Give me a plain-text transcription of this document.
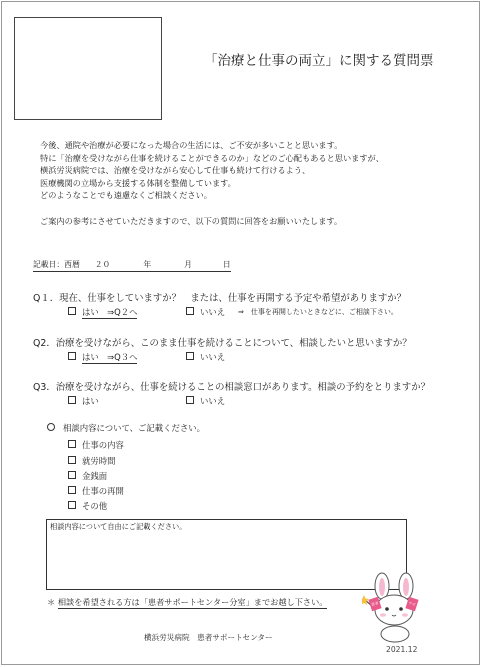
「治療と仕事の両立」に関する質問票
今後、通院や治療が必要になった場合の生活には、ご不安が多いことと思います。
特に「治療を受けながら仕事を続けることができるのか」などのご心配もあると思いますが、
横浜労災病院では、治療を受けながら安心して仕事も続けて行けるよう、
医療機関の立場から支援する体制を整備しています。
どのようなことでも遠慮なくご相談ください。
ご案内の参考にさせていただきますので、以下の質問に回答をお願いいたします。
記載日：西暦 ２０	年	月	日
Q１．現在、仕事をしていますか？　または、仕事を再開する予定や希望がありますか？
はい　⇒Q２へ	いいえ ⇒　仕事を再開したいときなどに、ご相談下さい。
Q2．治療を受けながら、このまま仕事を続けることについて、相談したいと思いますか？
はい　⇒Q３へ	いいえ
Q3．治療を受けながら、仕事を続けることの相談窓口があります。相談の予約をとりますか？
はい	いいえ
相談内容について、ご記載ください。
仕事の内容
就労時間
金銭面
仕事の再開
その他
相談内容について自由にご記載ください。
＊ 相談を希望される方は「患者サポートセンター分室」までお越し下さい。	患者	サポ
横浜労災病院　患者サポートセンター
2021.12
